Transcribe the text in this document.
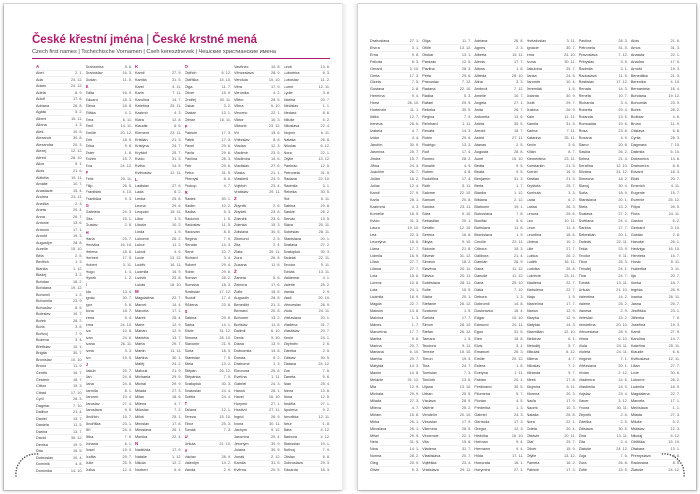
České křestní jména | České krstné mená
Czech first names | Tschechische Vornamen | Cseh keresztnevek | Чешские христианские имена
A
Abel	2. 1.
Ada	24. 12.
Adam	24. 12.
Adéla	8. 9.
Adolf	17. 6.
Adriana	26. 8.
Agáta	5. 2.
Albert	15. 11.
Albína	1. 3.
Aleš	10. 5.
Alexandr	30. 8.
Alexandra	20. 3.
Alexej	12. 12.
Alfréd	28. 10.
Alice	9. 1.
Alois	21. 6.
Alžběta	19. 11.
Amálie	10. 7.
Anastázie	15. 4.
Andrea	23. 11.
Anežka	2. 3.
Aneta	20. 4.
Anna	26. 7.
Antonie	13. 6.
Antonín	17. 1.
Arnošt	19. 3.
Augustýn	28. 8.
Aurelie	15. 10.
Běla	2. 5.
Bedřich	1. 3.
Blanka	1. 12.
Blažej	3. 2.
Bohdan	18. 2.
Bohdana	19. 12.
Bohumil	1. 2.
Bohumila	23. 9.
Bohuslav	8. 5.
Boleslav	19. 7.
Bořek	28. 2.
Boris	3. 8.
Bořivoj	7. 9.
Božena	3. 4.
Břetislav	10. 1.
Brigita	30. 7.
Bronislav	10. 10.
Bruno	11. 9.
Čeněk	16. 7.
Čestmír	18. 7.
Ctibor	15. 3.
Ctirad	17. 10.
Cyril	28. 3.
Dagmar	7. 10.
Dalibor	21. 4.
Daniel	13. 7.
Daniela	11. 5.
Darina	13. 7.
David	30. 12.
Denisa	19. 9.
Dita	16. 5.
Dobroslav	10. 4.
Dominik	4. 8.
Dominika	14. 10.
Drahomíra	8. 6.
Drahoslav	16. 3.
Dušan	11. 5.
E
Edita	16. 9.
Eduard	18. 3.
Elena	18. 8.
Eliška	4. 1.
Ema	6. 11.
Emil	14. 11.
Emílie	20. 12.
Erik	18. 5.
Erika	9. 8.
Ester	1. 8.
Evžen	15. 7.
Eva	24. 12.
F
Felix	20. 11.
Filip	26. 5.
František	4. 10.
Františka	9. 3.
G
Gabriela	24. 3.
Gita	15. 1.
Gustav	2. 8.
H
Hana	23. 7.
Hedvika	16. 10.
Helena	18. 8.
Herbert	17. 5.
Hubert	3. 11.
Hugo	1. 4.
Hynek	1. 2.
I
Ida	13. 4.
Ignác	30. 7.
Igor	5. 6.
Ilona	18. 7.
Irena	5. 4.
Irma	24. 10.
Iva	10. 8.
Ivan	24. 6.
Ivana	26. 11.
Iveta	3. 3.
Ivo	19. 5.
J
Jakub	25. 7.
Jan	24. 6.
Jana	24. 5.
Jarmila	8. 1.
Jaromír	10. 4.
Jaroslav	27. 4.
Jaroslava	9. 5.
Jindřich	15. 7.
Jindřiška	23. 1.
Jiří	24. 4.
Jitka	7. 9.
Johana	6. 1.
Josef	19. 3.
Judita	29. 7.
Julie	25. 9.
Julius	12. 4.
K
Kamil	27. 9.
Kamila	31. 5.
Karel	4. 11.
Karin	7. 11.
Karolína	14. 7.
Kateřina	25. 11.
Kazimír	4. 3.
Klára	12. 8.
Klaudie	6. 6.
Klement	23. 11.
Kristián	21. 3.
Kristýna	24. 7.
Kryštof	25. 7.
Kvido	31. 3.
Květa	14. 5.
Květoslav	12. 11.
L
Ladislav	27. 6.
Lada	6. 2.
Lenka	25. 8.
Leona	29. 6.
Leopold	15. 11.
Libor	3. 5.
Libuše	10. 2.
Linda	1. 9.
Lubomír	26. 2.
Lubor	11. 2.
Luboš	4. 6.
Lucie	13. 12.
Luděk	16. 11.
Ludmila	16. 9.
Ludvík	25. 8.
Lukáš	18. 10.
M
Magdaléna	22. 7.
Marcel	14. 4.
Marcela	17. 1.
Marek	25. 4.
Marie	12. 9.
Marián	12. 9.
Markéta	13. 7.
Marta	29. 7.
Martin	11. 11.
Martina	30. 1.
Matěj	24. 2.
Matouš	21. 9.
Michaela	29. 9.
Michal	29. 9.
Milada	27. 3.
Milan	18. 6.
Milena	4. 7.
Miloslav	7. 2.
Miloš	25. 1.
Miroslav	17. 8.
Miroslava	26. 1.
Monika	22. 4.
N
Naděžda	17. 9.
Natálie	1. 12.
Nikola	12. 2.
Norbert	6. 6.
O
Oldřich	6. 12.
Oldřiška	15. 10.
Olga	11. 7.
Oliver	15. 9.
Ondřej	30. 11.
Oskar	3. 2.
Otakar	13. 1.
Otmar	16. 11.
P
Patricie	17. 3.
Patrik	17. 3.
Pavel	29. 6.
Pavla	29. 6.
Pavlína	28. 3.
Petr	29. 6.
Petra	31. 5.
Přemysl	8. 6.
Prokop	4. 7.
R
Radek	30. 1.
Radim	10. 2.
Radka	5. 3.
Radomír	1. 5.
Radoslav	11. 5.
Radovan	8. 5.
Regína	7. 9.
Renata	14. 3.
René	10. 7.
Richard	3. 4.
Robert	29. 4.
Robin	29. 6.
Roman	28. 2.
Romana	18. 3.
Rostislav	17. 12.
Rudolf	17. 4.
Růžena	23. 8.
S
Sabina	29. 8.
Šárka	14. 1.
Silvie	31. 12.
Simona	28. 10.
Slavomír	21. 9.
Soňa	18. 9.
Stanislav	7. 5.
Stela	13. 2.
Štěpán	26. 12.
Štěpánka	7. 9.
Svatopluk	30. 3.
Svatoslav	24. 4.
Světla	24. 4.
T
Taťána	12. 1.
Tereza	15. 10.
Tibor	25. 3.
Tomáš	7. 3.
U
Uršula	21. 10.
V
Václav	28. 9.
Valentýn	14. 2.
Vanda	2. 9.
Vavřinec	10. 8.
Věnceslava	28. 9.
Vendula	10. 10.
Věra	17. 9.
Veronika	4. 2.
Vilém	28. 5.
Vilma	6. 10.
Vincenc	22. 1.
Viktor	10. 3.
Viktorie	23. 12.
Vít	15. 6.
Vítězslav	8. 8.
Vladan	12. 3.
Vladimír	23. 5.
Vladimíra	14. 6.
Vladislav	27. 6.
Vlasta	21. 1.
Vlastimil	24. 9.
Vojtěch	23. 4.
Vratislav	29. 11.
Z
Zbyněk	2. 6.
Zbyšek	23. 8.
Zdeněk	23. 6.
Zdenka	15. 3.
Zdislava	30. 5.
Zikmund	2. 5.
Zita	2. 4.
Zlata	26. 11.
Zora	26. 8.
Zuzana	11. 8.
Ž
Žaneta	5. 6.
Želmíra	17. 6.
Žofie	15. 5.
Augustin	28. 8.
Benedikt	21. 3.
Bernard	20. 8.
Bohumír	13. 2.
Bořislav	11. 8.
Dalimil	6. 10.
Denis	9. 10.
Diana	13. 9.
Dobromila	14. 8.
Dorota	6. 2.
Drahomír	1. 3.
Eleonora	25. 6.
Evelína	1. 11.
Gabriel	24. 3.
Hanuš	26. 1.
Havel	16. 10.
Horymír	27. 1.
Hostivít	27. 11.
Ingrid	26. 9.
Ivona	30. 11.
Jáchym	9. 12.
Jaromíra	20. 4.
Jeroným	30. 9.
Jolana	30. 9.
Jonáš	2. 12.
Kamila	31. 5.
Kvěrna	20. 5.
Leoš	13. 6.
Lubomíra	6. 3.
Luboslav	11. 2.
Lumír	12. 11.
Lýdie	3. 8.
Marina	20. 7.
Mečislav	1. 1.
Medard	8. 6.
Miluše	5. 2.
Miloslava	22. 4.
Mojmír	6. 11.
Nataša	26. 8.
Nikolas	6. 12.
Nora	22. 1.
Otýlie	13. 12.
Pankrác	12. 5.
Petronela	31. 5.
Radana	22. 10.
Radmila	3. 1.
Rebeka	30. 5.
Rút	5. 11.
Sabina	29. 8.
Saskie	26. 2.
Servác	13. 5.
Sláva	20. 11.
Soběslav	28. 11.
Stanislava	20. 1.
Svatava	27. 2.
Svatopluk	30. 3.
Tadeáš	22. 11.
Teodor	9. 11.
Tobiáš	13. 11.
Valdemar	4. 1.
Valerie	25. 2.
Vanda	2. 9.
Vasil	20. 10.
Věnceslav	28. 9.
Viola	24. 11.
Vítězslava	20. 1.
Vladěna	31. 7.
Vlastislav	20. 7.
Xenie	24. 1.
Zbyhněv	2. 6.
Zdeňka	2. 5.
Zdislav	30. 5.
Zlatava	24. 12.
Zoe	7. 6.
Žaneta	5. 6.
Alan	25. 4.
Alena	13. 8.
Alma	12. 5.
Anděla	27. 1.
Apolena	9. 2.
Arnoštka	12. 11.
Artur	1. 8.
Bára	4. 12.
Barbora	4. 12.
Blahoslav	19. 1.
Bořivoj	7. 9.
Ctislav	6. 8.
Dobroslava	29. 3.
Eduarda	18. 3.
Drahoslava	27. 1.
Elvíra	3. 1.
Erna	9. 8.
Felicita	8. 3.
Gerard	3. 10.
Gerta	17. 3.
Gizela	7. 5.
Gustava	2. 8.
Hermína	9. 4.
Horst	28. 10.
Hortenzie	11. 1.
Ildikó	12. 7.
Ireneus	28. 6.
Izabela	4. 7.
Izidor	4. 4.
Jarolím	30. 9.
Jasmína	25. 7.
Jindra	15. 7.
Jiřina	24. 4.
Joachim	26. 7.
Julián	16. 2.
Julius	12. 4.
Kamil	27. 9.
Karla	28. 1.
Kazimíra	4. 3.
Kornelie	16. 9.
Kvido	31. 3.
Laura	19. 10.
Lea	22. 3.
Leontýna	18. 6.
Liana	17. 7.
Lidmila	16. 9.
Lilian	27. 7.
Liliana	27. 7.
Lola	15. 6.
Lorenz	10. 8.
Lota	24. 1.
Ludmila	16. 9.
Magda	22. 7.
Maksim	14. 8.
Malvína	1. 3.
Mánes	1. 7.
Marcelína	17. 7.
Marika	9. 6.
Marina	20. 7.
Mariana	6. 10.
Martha	29. 7.
Matylda	14. 3.
Maxim	14. 8.
Melánie	31. 12.
Mia	12. 9.
Michala	29. 9.
Milada	27. 3.
Mileva	4. 7.
Miriam	15. 8.
Mirka	26. 1.
Miroslava	26. 1.
Mišel	29. 9.
Nela	31. 5.
Nina	14. 1.
Norma	28. 2.
Oleg	20. 9.
Olivie	5. 3.
Oľga	11. 7.
Otilie	13. 12.
Otokar	13. 1.
Pankrác	12. 5.
Pavlina	28. 3.
Perla	29. 6.
Pravoslav	7. 12.
Radana	22. 10.
Radka	5. 3.
Rafael	29. 9.
Rebeka	30. 5.
Regina	7. 9.
Reinhard	1. 11.
Renáta	14. 3.
Robin	29. 6.
Rodrigo	13. 3.
Rolf	17. 4.
Romeo	28. 2.
Rosalie	4. 9.
Ruben	4. 8.
Rudolfina	17. 4.
Ruth	5. 11.
Salome	22. 10.
Samuel	20. 8.
Sandra	23. 11.
Sára	9. 10.
Sebastián	20. 1.
Serafín	12. 10.
Serena	16. 8.
Sibyla	9. 10.
Sidonie	21. 8.
Silvestr	31. 12.
Simeon	18. 2.
Slavěna	20. 11.
Slávka	20. 11.
Soběslava	28. 11.
Sofie	15. 5.
Stáňa	20. 1.
Stefanie	26. 12.
Svatomír	1. 5.
Šarlota	17. 7.
Šimon	28. 10.
Štefan	26. 12.
Tamara	1. 5.
Teodora	9. 11.
Terezie	15. 10.
Timon	19. 4.
Tina	24. 7.
Tomislav	7. 3.
Toníček	13. 6.
Uljana	13. 10.
Urban	25. 5.
Václava	28. 9.
Valérie	25. 2.
Vendelín	20. 10.
Věroslav	17. 9.
Vilemína	28. 5.
Vincencie	22. 1.
Vita	15. 6.
Vladena	31. 7.
Vlastislava	20. 7.
Vojtěška	23. 4.
Vratislava	29. 11.
Adriana	26. 8.
Agnes	2. 3.
Alberta	15. 11.
Alexia	17. 7.
Alfons	1. 8.
Alfréda	28. 10.
Alina	3. 3.
Ambrož	7. 12.
Amelie	10. 7.
Angela	27. 1.
Anita	26. 7.
Antonela	13. 6.
Arleta	30. 5.
Arnold	18. 7.
Astrid	27. 11.
Atanas	2. 5.
Augusta	28. 8.
Aurel	15. 10.
Beáta	9. 5.
Beata	9. 5.
Benjamín	31. 3.
Berta	1. 7.
Bianka	1. 12.
Bibiana	2. 12.
Blahomír	19. 1.
Bohuslava	7. 8.
Bonifác	5. 6.
Bořislava	11. 8.
Bronislava	1. 9.
Cecílie	22. 11.
Ctibora	15. 3.
Dalibora	21. 4.
Damián	26. 9.
Dana	11. 12.
Danuše	11. 12.
Daria	25. 10.
Dáša	7. 10.
Debora	1. 3.
Dobromil	14. 8.
Doubravka	16. 4.
Edgar	10. 10.
Edmund	20. 11.
Egon	31. 5.
Elen	18. 8.
Elvis	3. 1.
Emanuel	26. 3.
Emilie	20. 12.
Estera	1. 8.
Evelyna	1. 11.
Fabián	20. 1.
Ferdinand	30. 5.
Filomena	5. 7.
Florián	4. 5.
Frederika	1. 3.
Gabriel	24. 3.
Gertruda	17. 3.
Gregor	12. 3.
Hedvika	16. 10.
Heřman	9. 4.
Hermann	9. 4.
Hilda	17. 11.
Honorata	16. 1.
Horymíra	27. 1.
Hvězdoslav	3. 11.
Ignácie	30. 7.
Irma	24. 10.
Ivona	30. 11.
Jakubína	25. 7.
Janka	24. 5.
Jaroměr	10. 4.
Jeremiáš	1. 5.
Jolanta	30. 9.
Judit	29. 7.
Justina	26. 9.
Kain	11. 11.
Kamila	31. 5.
Karina	7. 11.
Katarina	25. 11.
Kevin	3. 6.
Kilián	8. 7.
Klementina	23. 11.
Konstantin	21. 5.
Kornel	16. 9.
Kristian	21. 3.
Kryštofa	25. 7.
Kunhuta	3. 3.
Lada	6. 2.
Larisa	26. 3.
Lenora	25. 6.
Leo	10. 11.
Leon	11. 4.
Leontina	18. 6.
Liběna	10. 2.
Lilie	27. 7.
Lubica	26. 2.
Luděk	16. 11.
Ludvika	25. 8.
Lukrécie	23. 11.
Madlena	22. 7.
Mahulena	22. 7.
Maja	1. 5.
Marcelína	17. 7.
Marion	12. 9.
Maryša	12. 9.
Matylda	14. 3.
Maxmilián	12. 10.
Melichar	6. 1.
Metoděj	5. 7.
Mikuláš	6. 12.
Milena	4. 7.
Miloslav	7. 2.
Miranda	9. 7.
Mirek	17. 8.
Mojmíra	6. 11.
Morena	20. 3.
Naďa	17. 9.
Naomi	10. 3.
Nataša	26. 8.
Nora	22. 1.
Odeta	20. 4.
Oktávie	20. 11.
Olaf	29. 7.
Olivér	15. 9.
Otýlie	13. 12.
Pamela	16. 2.
Patricie	17. 3.
Pavlína	28. 3.
Petronela	31. 5.
Pravoslava	7. 12.
Příbyslav	3. 5.
Radmila	3. 1.
Radoslava	11. 5.
Rastislav	17. 12.
Renata	14. 3.
Reneta	10. 7.
Richarda	3. 4.
Roberta	29. 4.
Rolanda	13. 5.
Romualda	19. 6.
Rosa	23. 8.
Roxana	4. 9.
Sámo	20. 8.
Saskia	26. 2.
Selma	21. 4.
Serafína	12. 10.
Silvána	31. 12.
Simeona	18. 2.
Slavoj	30. 4.
Soňa	18. 9.
Stanislava	20. 1.
Stela	13. 2.
Svatava	27. 2.
Světlana	24. 4.
Šarlota	17. 7.
Šebestián	20. 1.
Tadeáš	22. 11.
Tekla	23. 9.
Teodor	9. 11.
Tibor	25. 3.
Timotej	24. 1.
Tina	24. 7.
Tobiáš	13. 11.
Uršula	21. 10.
Valentina	14. 2.
Valérie	25. 2.
Vanesa	2. 9.
Veleslav	15. 2.
Vendelína	20. 10.
Věnceslava	28. 9.
Vilma	6. 10.
Viola	24. 11.
Violeta	24. 11.
Virgínie	7. 1.
Vítězslava	20. 1.
Vivian	2. 12.
Vladimíra	14. 6.
Vlastimila	24. 9.
Vojslav	23. 4.
Xaver	3. 12.
Yvona	30. 11.
Zbyněk	2. 6.
Zdeňka	2. 5.
Zdislava	30. 5.
Zina	13. 11.
Zita	2. 4.
Zlatuše	24. 12.
Zoja	7. 6.
Zora	26. 8.
Žofie	15. 5.
Alois	21. 6.
Amos	31. 3.
Anastáz	22. 1.
Ariadna	17. 9.
Arnošt	19. 3.
Benedikta	21. 3.
Berenika	4. 10.
Bernardeta	16. 4.
Bohdana	19. 12.
Bohumila	23. 9.
Bořek	28. 2.
Božidar	4. 6.
Bruno	11. 9.
Ctislava	6. 8.
Cyrila	28. 3.
Dagmara	7. 10.
Dalimila	6. 10.
Dobromira	14. 8.
Drahomíra	8. 6.
Edvard	18. 3.
Eliáš	20. 7.
Emerich	4. 11.
Eugenie	15. 7.
Evženie	25. 12.
Filipa	26. 5.
Flora	24. 11.
Gaston	6. 2.
Gerhard	3. 10.
Gustáv	2. 8.
Hanuše	26. 1.
Hedviga	16. 10.
Henrieta	15. 7.
Horác	5. 11.
Hubertka	3. 11.
Ilja	20. 7.
Ilonka	18. 7.
Ingrida	26. 9.
Ivanka	26. 11.
Jasna	25. 7.
Jindřiška	23. 1.
Jitřenka	7. 9.
Josefína	19. 3.
Kamil	27. 9.
Karolína	14. 7.
Kateřina	25. 11.
Klaudie	6. 6.
Květoslava	12. 11.
Lilian	27. 7.
Lívie	30. 6.
Lubomír	26. 2.
Ludmila	16. 9.
Magdalena	22. 7.
Marcela	17. 1.
Mečislava	1. 1.
Milada	27. 3.
Miluše	5. 2.
Mstislav	12. 3.
Nikolaj	6. 12.
Oldřiška	15. 10.
Otakara	13. 1.
Přemyslava	8. 6.
Radovana	8. 5.
Zlatuše	24. 12.
